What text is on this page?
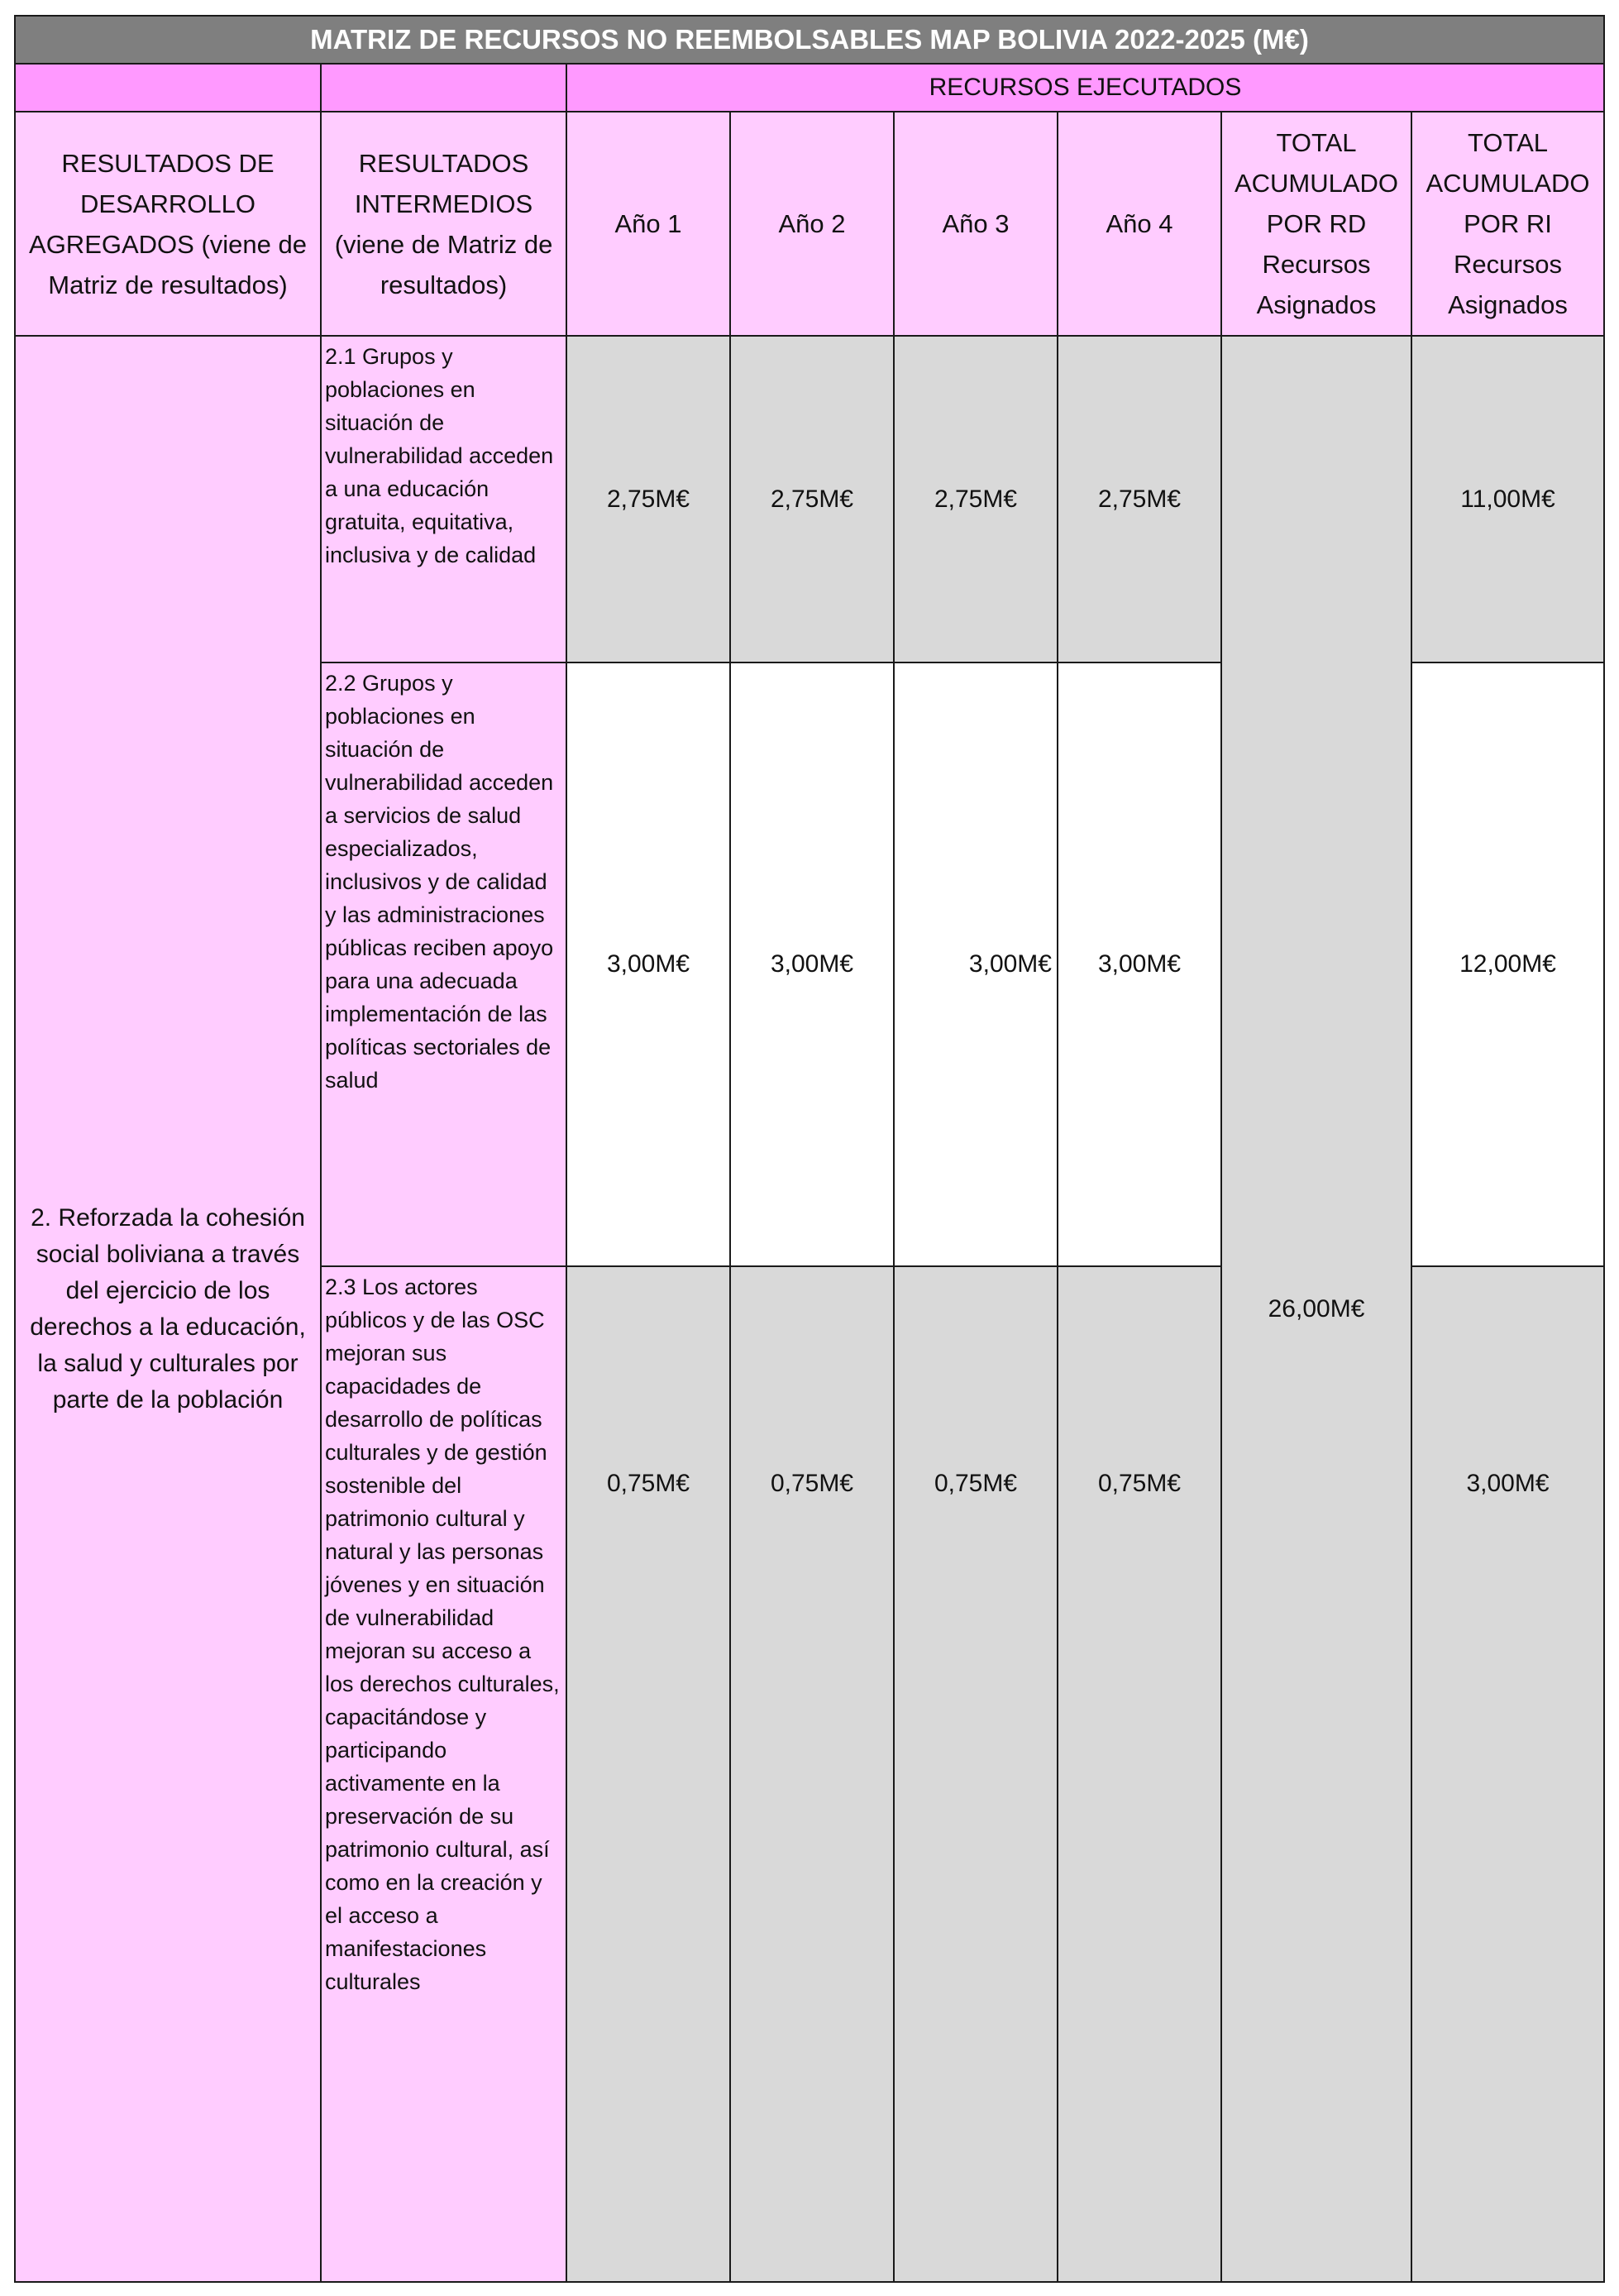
MATRIZ DE RECURSOS NO REEMBOLSABLES MAP BOLIVIA 2022-2025 (M€)							
		RECURSOS EJECUTADOS					
RESULTADOS DE DESARROLLO AGREGADOS (viene de Matriz de resultados)	RESULTADOS INTERMEDIOS (viene de Matriz de resultados)	Año 1	Año 2	Año 3	Año 4	TOTAL ACUMULADO POR RD Recursos Asignados	TOTAL ACUMULADO POR RI Recursos Asignados
2. Reforzada la cohesión social boliviana a través del ejercicio de los derechos a la educación, la salud y culturales por parte de la población	2.1 Grupos y poblaciones en situación de vulnerabilidad acceden a una educación gratuita, equitativa, inclusiva y de calidad	2,75M€	2,75M€	2,75M€	2,75M€	26,00M€	11,00M€
	2.2 Grupos y poblaciones en situación de vulnerabilidad acceden a servicios de salud especializados, inclusivos y de calidad y las administraciones públicas reciben apoyo para una adecuada implementación de las políticas sectoriales de salud	3,00M€	3,00M€	3,00M€	3,00M€		12,00M€
	2.3 Los actores públicos y de las OSC mejoran sus capacidades de desarrollo de políticas culturales y de gestión sostenible del patrimonio cultural y natural y las personas jóvenes y en situación de vulnerabilidad mejoran su acceso a los derechos culturales, capacitándose y participando activamente en la preservación de su patrimonio cultural, así como en la creación y el acceso a manifestaciones culturales	0,75M€	0,75M€	0,75M€	0,75M€		3,00M€
